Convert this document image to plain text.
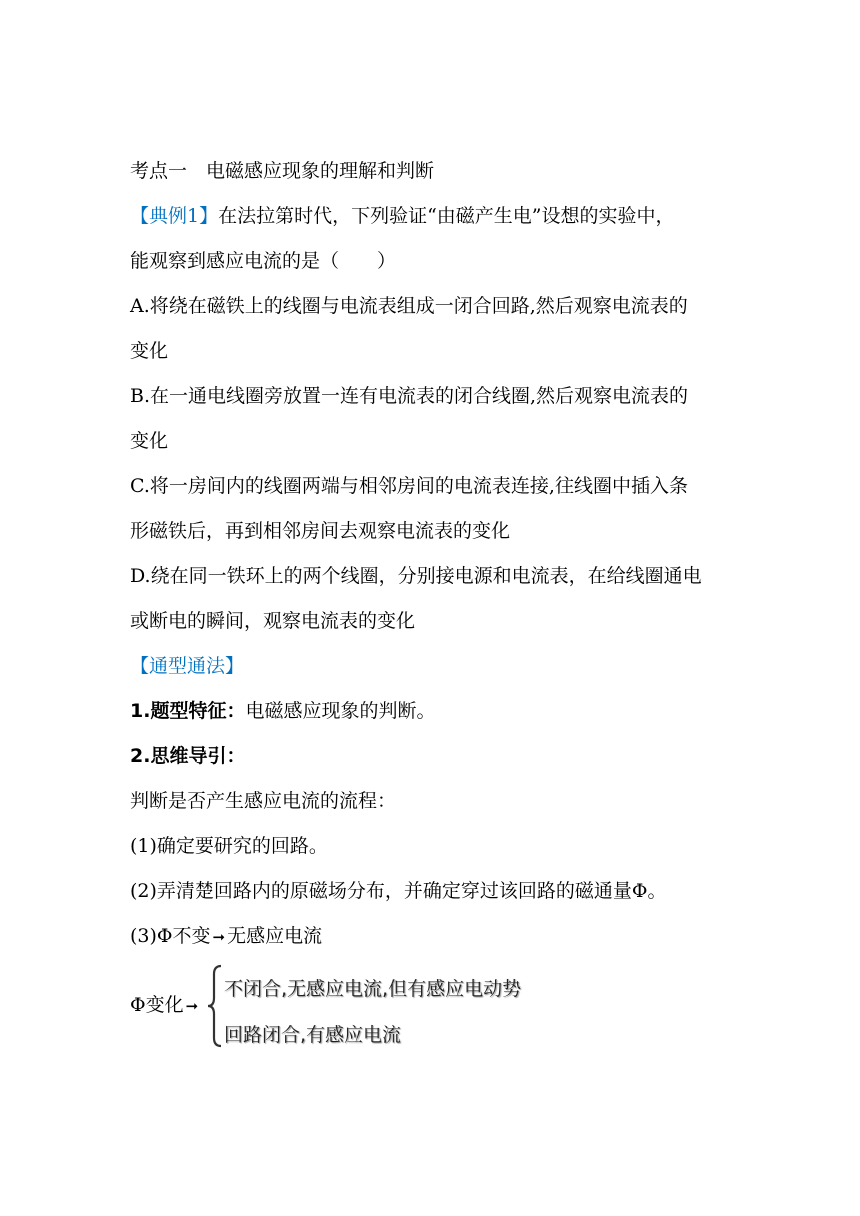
考点一　电磁感应现象的理解和判断
【典例1】在法拉第时代，下列验证“由磁产生电”设想的实验中，
能观察到感应电流的是（　　）
A.将绕在磁铁上的线圈与电流表组成一闭合回路,然后观察电流表的
变化
B.在一通电线圈旁放置一连有电流表的闭合线圈,然后观察电流表的
变化
C.将一房间内的线圈两端与相邻房间的电流表连接,往线圈中插入条
形磁铁后，再到相邻房间去观察电流表的变化
D.绕在同一铁环上的两个线圈，分别接电源和电流表，在给线圈通电
或断电的瞬间，观察电流表的变化
【通型通法】
1.题型特征：电磁感应现象的判断。
2.思维导引：
判断是否产生感应电流的流程：
(1)确定要研究的回路。
(2)弄清楚回路内的原磁场分布，并确定穿过该回路的磁通量Φ。
(3)Φ不变 ➞ 无感应电流
Φ变化 ➞
不闭合,无感应电流,但有感应电动势
回路闭合,有感应电流
